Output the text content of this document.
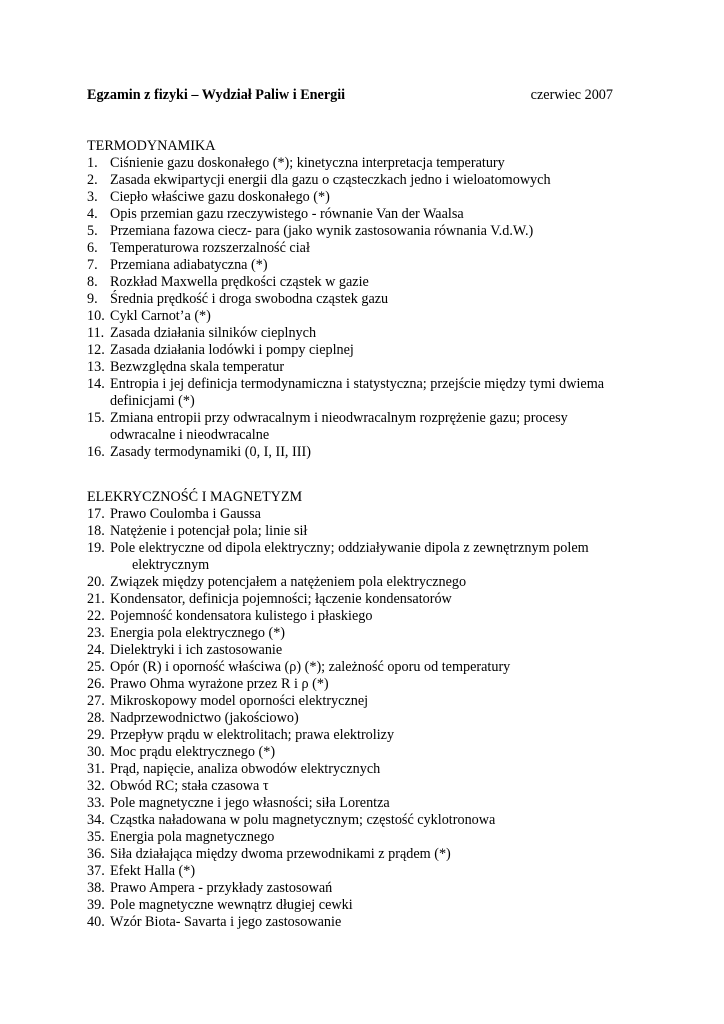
Egzamin z fizyki – Wydział Paliw i Energii	czerwiec 2007
TERMODYNAMIKA
1. Ciśnienie gazu doskonałego (*); kinetyczna interpretacja temperatury
2. Zasada ekwipartycji energii dla gazu o cząsteczkach jedno i wieloatomowych
3. Ciepło właściwe gazu doskonałego (*)
4. Opis przemian gazu rzeczywistego - równanie Van der Waalsa
5. Przemiana fazowa ciecz- para (jako wynik zastosowania równania V.d.W.)
6. Temperaturowa rozszerzalność ciał
7. Przemiana adiabatyczna (*)
8. Rozkład Maxwella prędkości cząstek w gazie
9. Średnia prędkość i droga swobodna cząstek gazu
10. Cykl Carnot’a (*)
11. Zasada działania silników cieplnych
12. Zasada działania lodówki i pompy cieplnej
13. Bezwzględna skala temperatur
14. Entropia i jej definicja termodynamiczna i statystyczna; przejście między tymi dwiema
definicjami (*)
15. Zmiana entropii przy odwracalnym i nieodwracalnym rozprężenie gazu; procesy
odwracalne i nieodwracalne
16. Zasady termodynamiki (0, I, II, III)
ELEKRYCZNOŚĆ I MAGNETYZM
17. Prawo Coulomba i Gaussa
18. Natężenie i potencjał pola; linie sił
19. Pole elektryczne od dipola elektryczny; oddziaływanie dipola z zewnętrznym polem
elektrycznym
20. Związek między potencjałem a natężeniem pola elektrycznego
21. Kondensator, definicja pojemności; łączenie kondensatorów
22. Pojemność kondensatora kulistego i płaskiego
23. Energia pola elektrycznego (*)
24. Dielektryki i ich zastosowanie
25. Opór (R) i oporność właściwa (ρ) (*); zależność oporu od temperatury
26. Prawo Ohma wyrażone przez R i ρ (*)
27. Mikroskopowy model oporności elektrycznej
28. Nadprzewodnictwo (jakościowo)
29. Przepływ prądu w elektrolitach; prawa elektrolizy
30. Moc prądu elektrycznego (*)
31. Prąd, napięcie, analiza obwodów elektrycznych
32. Obwód RC; stała czasowa τ
33. Pole magnetyczne i jego własności; siła Lorentza
34. Cząstka naładowana w polu magnetycznym; częstość cyklotronowa
35. Energia pola magnetycznego
36. Siła działająca między dwoma przewodnikami z prądem (*)
37. Efekt Halla (*)
38. Prawo Ampera - przykłady zastosowań
39. Pole magnetyczne wewnątrz długiej cewki
40. Wzór Biota- Savarta i jego zastosowanie
